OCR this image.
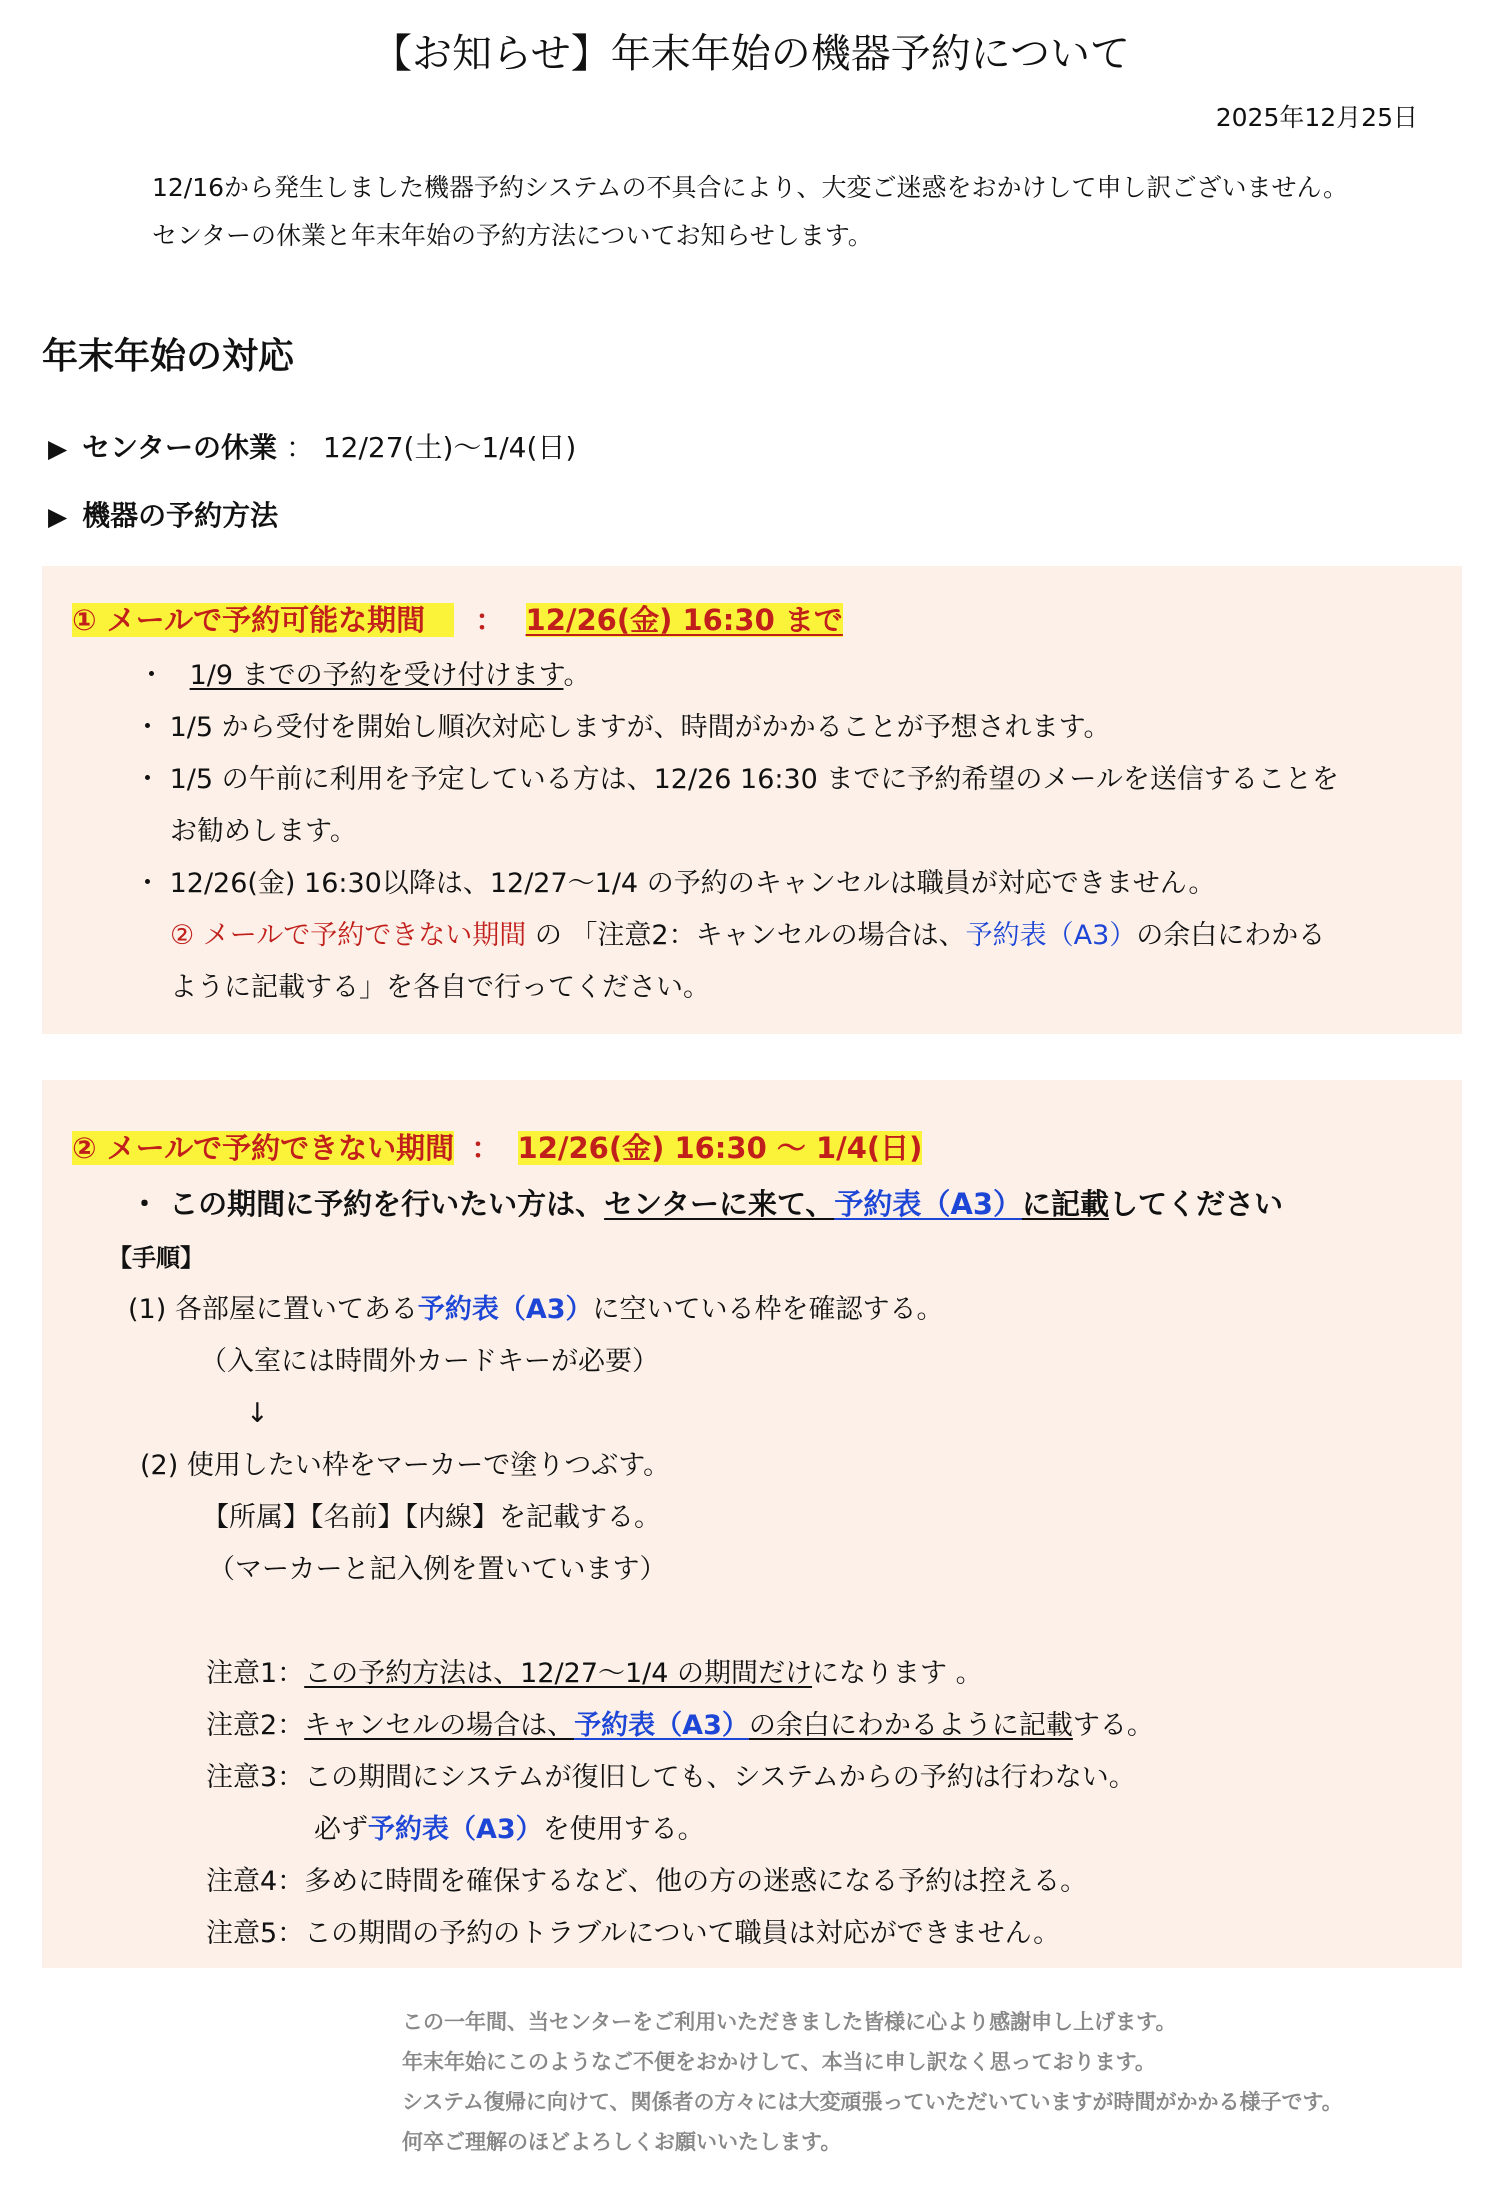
【お知らせ】年末年始の機器予約について
2025年12月25日
12/16から発生しました機器予約システムの不具合により、大変ご迷惑をおかけして申し訳ございません。
センターの休業と年末年始の予約方法についてお知らせします。
年末年始の対応
▶ センターの休業 ： 12/27(土)〜1/4(日)
▶ 機器の予約方法
① メールで予約可能な期間　 ： 12/26(金) 16:30 まで
・ 1/9 までの予約を受け付けます。
・ 1/5 から受付を開始し順次対応しますが、時間がかかることが予想されます。
・ 1/5 の午前に利用を予定している方は、12/26 16:30 までに予約希望のメールを送信することを
お勧めします。
・ 12/26(金) 16:30以降は、12/27〜1/4 の予約のキャンセルは職員が対応できません。
② メールで予約できない期間 の 「注意2：キャンセルの場合は、予約表（A3）の余白にわかる
ように記載する」を各自で行ってください。
② メールで予約できない期間 ： 12/26(金) 16:30 〜 1/4(日)
・ この期間に予約を行いたい方は、センターに来て、予約表（A3）に記載してください
【手順】
(1) 各部屋に置いてある予約表（A3）に空いている枠を確認する。
（入室には時間外カードキーが必要）
↓
(2) 使用したい枠をマーカーで塗りつぶす。
【所属】【名前】【内線】を記載する。
（マーカーと記入例を置いています）
注意1：この予約方法は、12/27〜1/4 の期間だけになります 。
注意2：キャンセルの場合は、予約表（A3）の余白にわかるように記載する。
注意3：この期間にシステムが復旧しても、システムからの予約は行わない。
必ず予約表（A3）を使用する。
注意4：多めに時間を確保するなど、他の方の迷惑になる予約は控える。
注意5：この期間の予約のトラブルについて職員は対応ができません。
この一年間、当センターをご利用いただきました皆様に心より感謝申し上げます。
年末年始にこのようなご不便をおかけして、本当に申し訳なく思っております。
システム復帰に向けて、関係者の方々には大変頑張っていただいていますが時間がかかる様子です。
何卒ご理解のほどよろしくお願いいたします。
